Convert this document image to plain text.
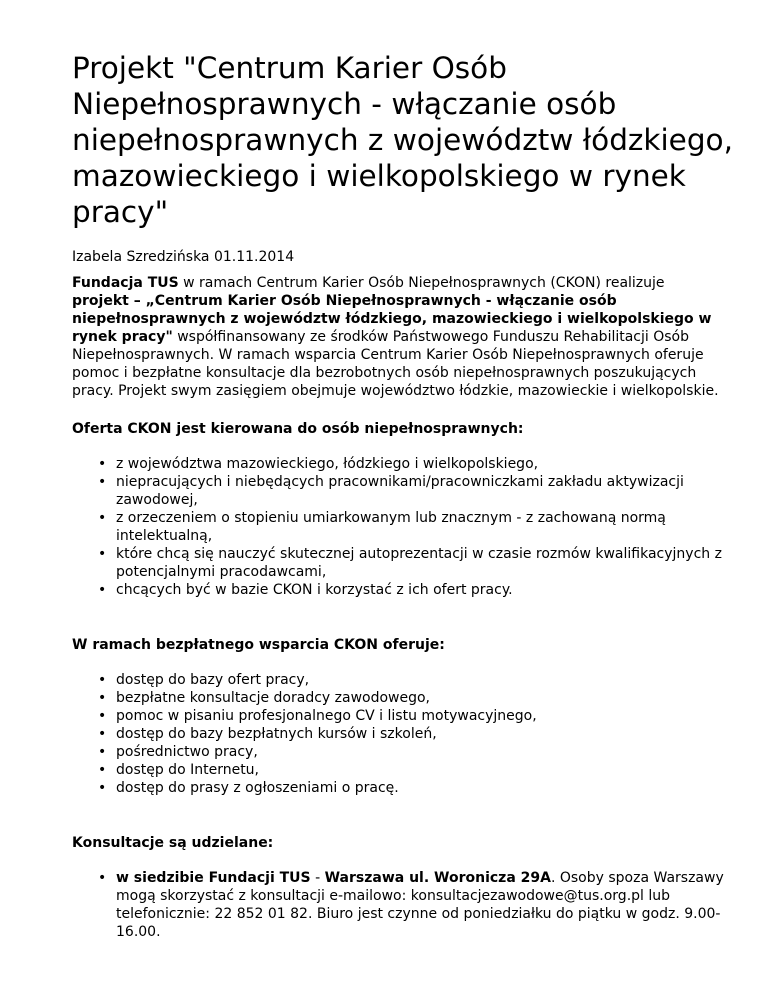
Projekt "Centrum Karier Osób Niepełnosprawnych - włączanie osób niepełnosprawnych z województw łódzkiego, mazowieckiego i wielkopolskiego w rynek pracy"
Izabela Szredzińska 01.11.2014

Fundacja TUS w ramach Centrum Karier Osób Niepełnosprawnych (CKON) realizuje projekt – „Centrum Karier Osób Niepełnosprawnych - włączanie osób niepełnosprawnych z województw łódzkiego, mazowieckiego i wielkopolskiego w rynek pracy" współfinansowany ze środków Państwowego Funduszu Rehabilitacji Osób Niepełnosprawnych. W ramach wsparcia Centrum Karier Osób Niepełnosprawnych oferuje pomoc i bezpłatne konsultacje dla bezrobotnych osób niepełnosprawnych poszukujących pracy. Projekt swym zasięgiem obejmuje województwo łódzkie, mazowieckie i wielkopolskie.

Oferta CKON jest kierowana do osób niepełnosprawnych:
• z województwa mazowieckiego, łódzkiego i wielkopolskiego,
• niepracujących i niebędących pracownikami/pracowniczkami zakładu aktywizacji zawodowej,
• z orzeczeniem o stopieniu umiarkowanym lub znacznym - z zachowaną normą intelektualną,
• które chcą się nauczyć skutecznej autoprezentacji w czasie rozmów kwalifikacyjnych z potencjalnymi pracodawcami,
• chcących być w bazie CKON i korzystać z ich ofert pracy.
W ramach bezpłatnego wsparcia CKON oferuje:
• dostęp do bazy ofert pracy,
• bezpłatne konsultacje doradcy zawodowego,
• pomoc w pisaniu profesjonalnego CV i listu motywacyjnego,
• dostęp do bazy bezpłatnych kursów i szkoleń,
• pośrednictwo pracy,
• dostęp do Internetu,
• dostęp do prasy z ogłoszeniami o pracę.
Konsultacje są udzielane:
• w siedzibie Fundacji TUS - Warszawa ul. Woronicza 29A. Osoby spoza Warszawy mogą skorzystać z konsultacji e-mailowo: konsultacjezawodowe@tus.org.pl lub telefonicznie: 22 852 01 82. Biuro jest czynne od poniedziałku do piątku w godz. 9.00-16.00.
